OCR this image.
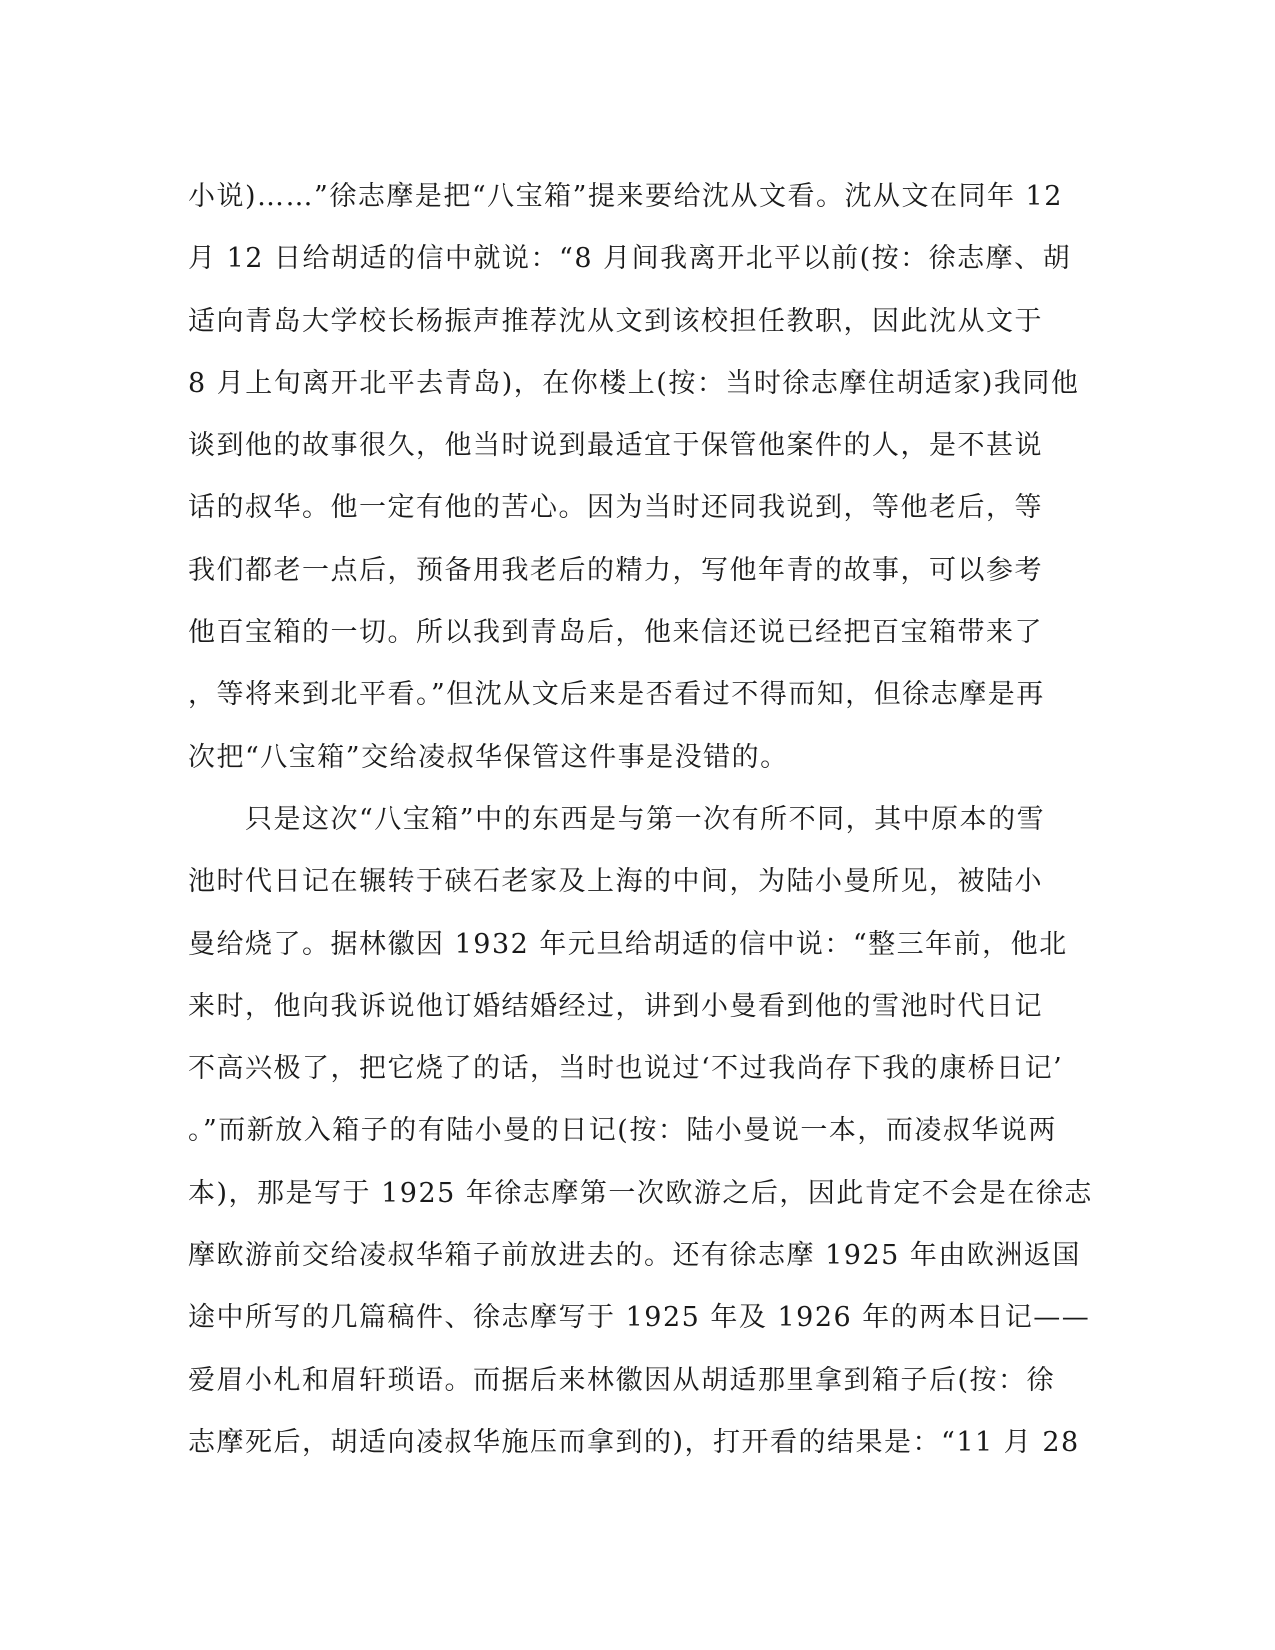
小说)……”徐志摩是把“八宝箱”提来要给沈从文看。沈从文在同年 12
月 12 日给胡适的信中就说：“8 月间我离开北平以前(按：徐志摩、胡
适向青岛大学校长杨振声推荐沈从文到该校担任教职，因此沈从文于
8 月上旬离开北平去青岛)，在你楼上(按：当时徐志摩住胡适家)我同他
谈到他的故事很久，他当时说到最适宜于保管他案件的人，是不甚说
话的叔华。他一定有他的苦心。因为当时还同我说到，等他老后，等
我们都老一点后，预备用我老后的精力，写他年青的故事，可以参考
他百宝箱的一切。所以我到青岛后，他来信还说已经把百宝箱带来了
，等将来到北平看。”但沈从文后来是否看过不得而知，但徐志摩是再
次把“八宝箱”交给凌叔华保管这件事是没错的。
　　只是这次“八宝箱”中的东西是与第一次有所不同，其中原本的雪
池时代日记在辗转于硖石老家及上海的中间，为陆小曼所见，被陆小
曼给烧了。据林徽因 1932 年元旦给胡适的信中说：“整三年前，他北
来时，他向我诉说他订婚结婚经过，讲到小曼看到他的雪池时代日记
不高兴极了，把它烧了的话，当时也说过‘不过我尚存下我的康桥日记’
。”而新放入箱子的有陆小曼的日记(按：陆小曼说一本，而凌叔华说两
本)，那是写于 1925 年徐志摩第一次欧游之后，因此肯定不会是在徐志
摩欧游前交给凌叔华箱子前放进去的。还有徐志摩 1925 年由欧洲返国
途中所写的几篇稿件、徐志摩写于 1925 年及 1926 年的两本日记——
爱眉小札和眉轩琐语。而据后来林徽因从胡适那里拿到箱子后(按：徐
志摩死后，胡适向凌叔华施压而拿到的)，打开看的结果是：“11 月 28
